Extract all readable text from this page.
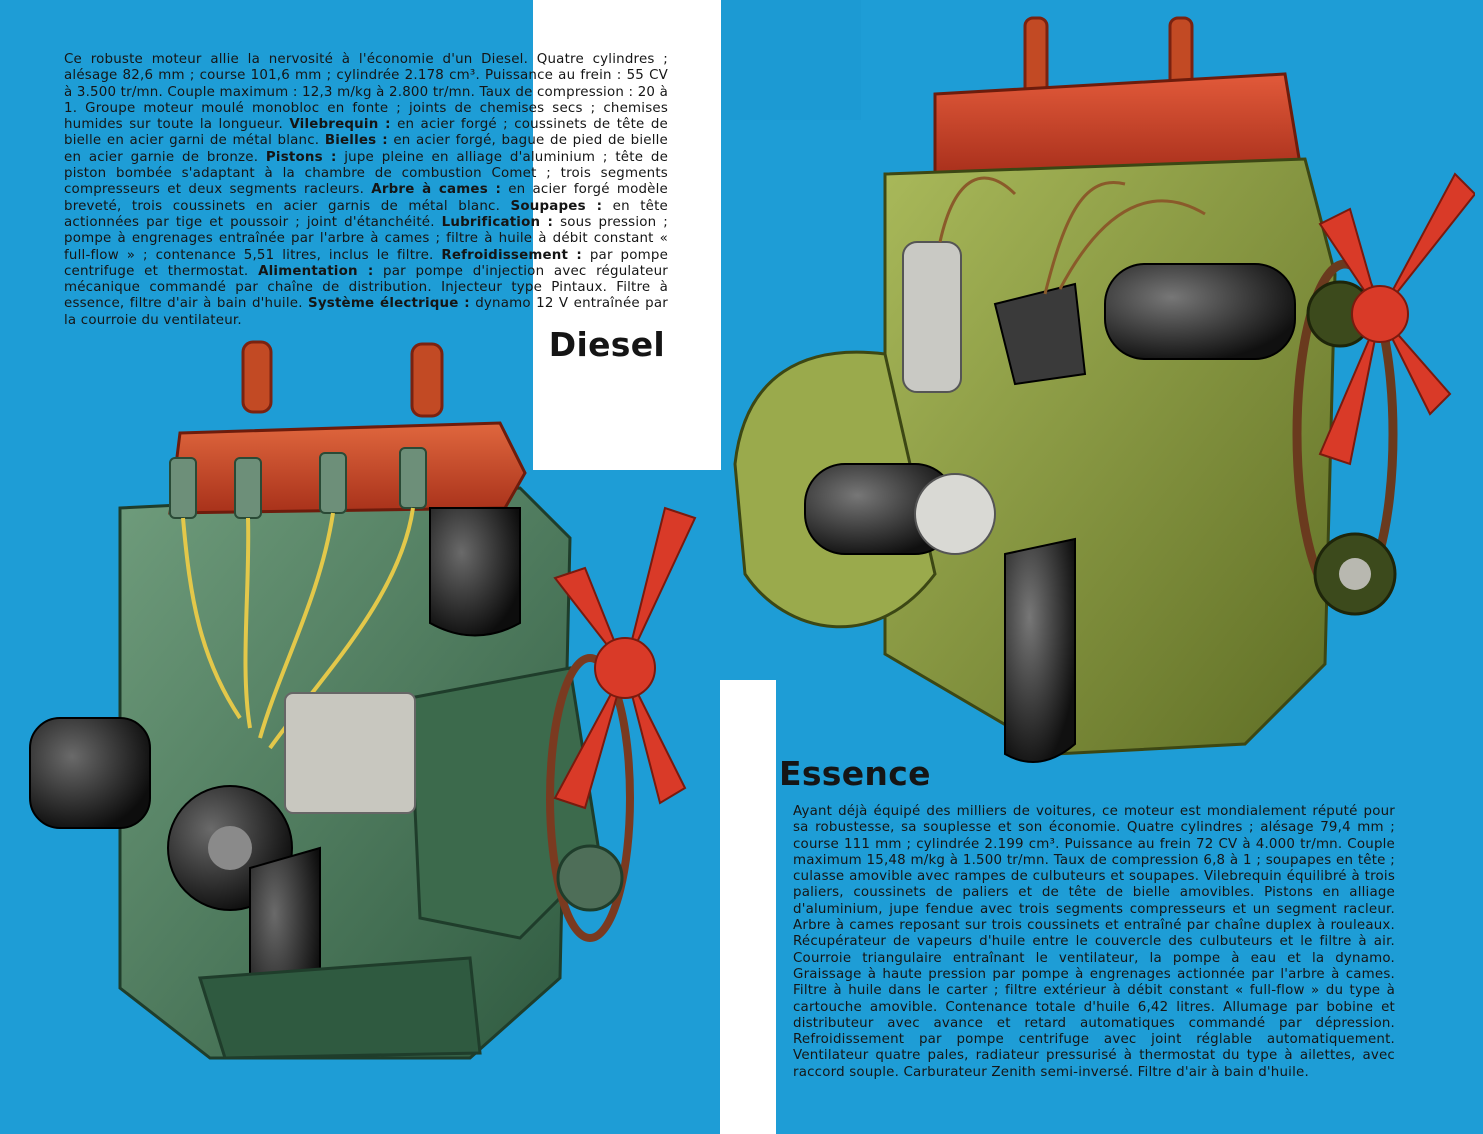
Ce robuste moteur allie la nervosité à l'économie d'un Diesel. Quatre cylindres ; alésage 82,6 mm ; course 101,6 mm ; cylindrée 2.178 cm³. Puissance au frein : 55 CV à 3.500 tr/mn. Couple maximum : 12,3 m/kg à 2.800 tr/mn. Taux de compression : 20 à 1. Groupe moteur moulé monobloc en fonte ; joints de chemises secs ; chemises humides sur toute la longueur. Vilebrequin : en acier forgé ; coussinets de tête de bielle en acier garni de métal blanc. Bielles : en acier forgé, bague de pied de bielle en acier garnie de bronze. Pistons : jupe pleine en alliage d'aluminium ; tête de piston bombée s'adaptant à la chambre de combustion Comet ; trois segments compresseurs et deux segments racleurs. Arbre à cames : en acier forgé modèle breveté, trois coussinets en acier garnis de métal blanc. Soupapes : en tête actionnées par tige et poussoir ; joint d'étanchéité. Lubrification : sous pression ; pompe à engrenages entraînée par l'arbre à cames ; filtre à huile à débit constant « full-flow » ; contenance 5,51 litres, inclus le filtre. Refroidissement : par pompe centrifuge et thermostat. Alimentation : par pompe d'injection avec régulateur mécanique commandé par chaîne de distribution. Injecteur type Pintaux. Filtre à essence, filtre d'air à bain d'huile. Système électrique : dynamo 12 V entraînée par la courroie du ventilateur.

Diesel

Ayant déjà équipé des milliers de voitures, ce moteur est mondialement réputé pour sa robustesse, sa souplesse et son économie. Quatre cylindres ; alésage 79,4 mm ; course 111 mm ; cylindrée 2.199 cm³. Puissance au frein 72 CV à 4.000 tr/mn. Couple maximum 15,48 m/kg à 1.500 tr/mn. Taux de compression 6,8 à 1 ; soupapes en tête ; culasse amovible avec rampes de culbuteurs et soupapes. Vilebrequin équilibré à trois paliers, coussinets de paliers et de tête de bielle amovibles. Pistons en alliage d'aluminium, jupe fendue avec trois segments compresseurs et un segment racleur. Arbre à cames reposant sur trois coussinets et entraîné par chaîne duplex à rouleaux. Récupérateur de vapeurs d'huile entre le couvercle des culbuteurs et le filtre à air. Courroie triangulaire entraînant le ventilateur, la pompe à eau et la dynamo. Graissage à haute pression par pompe à engrenages actionnée par l'arbre à cames. Filtre à huile dans le carter ; filtre extérieur à débit constant « full-flow » du type à cartouche amovible. Contenance totale d'huile 6,42 litres. Allumage par bobine et distributeur avec avance et retard automatiques commandé par dépression. Refroidissement par pompe centrifuge avec joint réglable automatiquement. Ventilateur quatre pales, radiateur pressurisé à thermostat du type à ailettes, avec raccord souple. Carburateur Zenith semi-inversé. Filtre d'air à bain d'huile.

Essence
